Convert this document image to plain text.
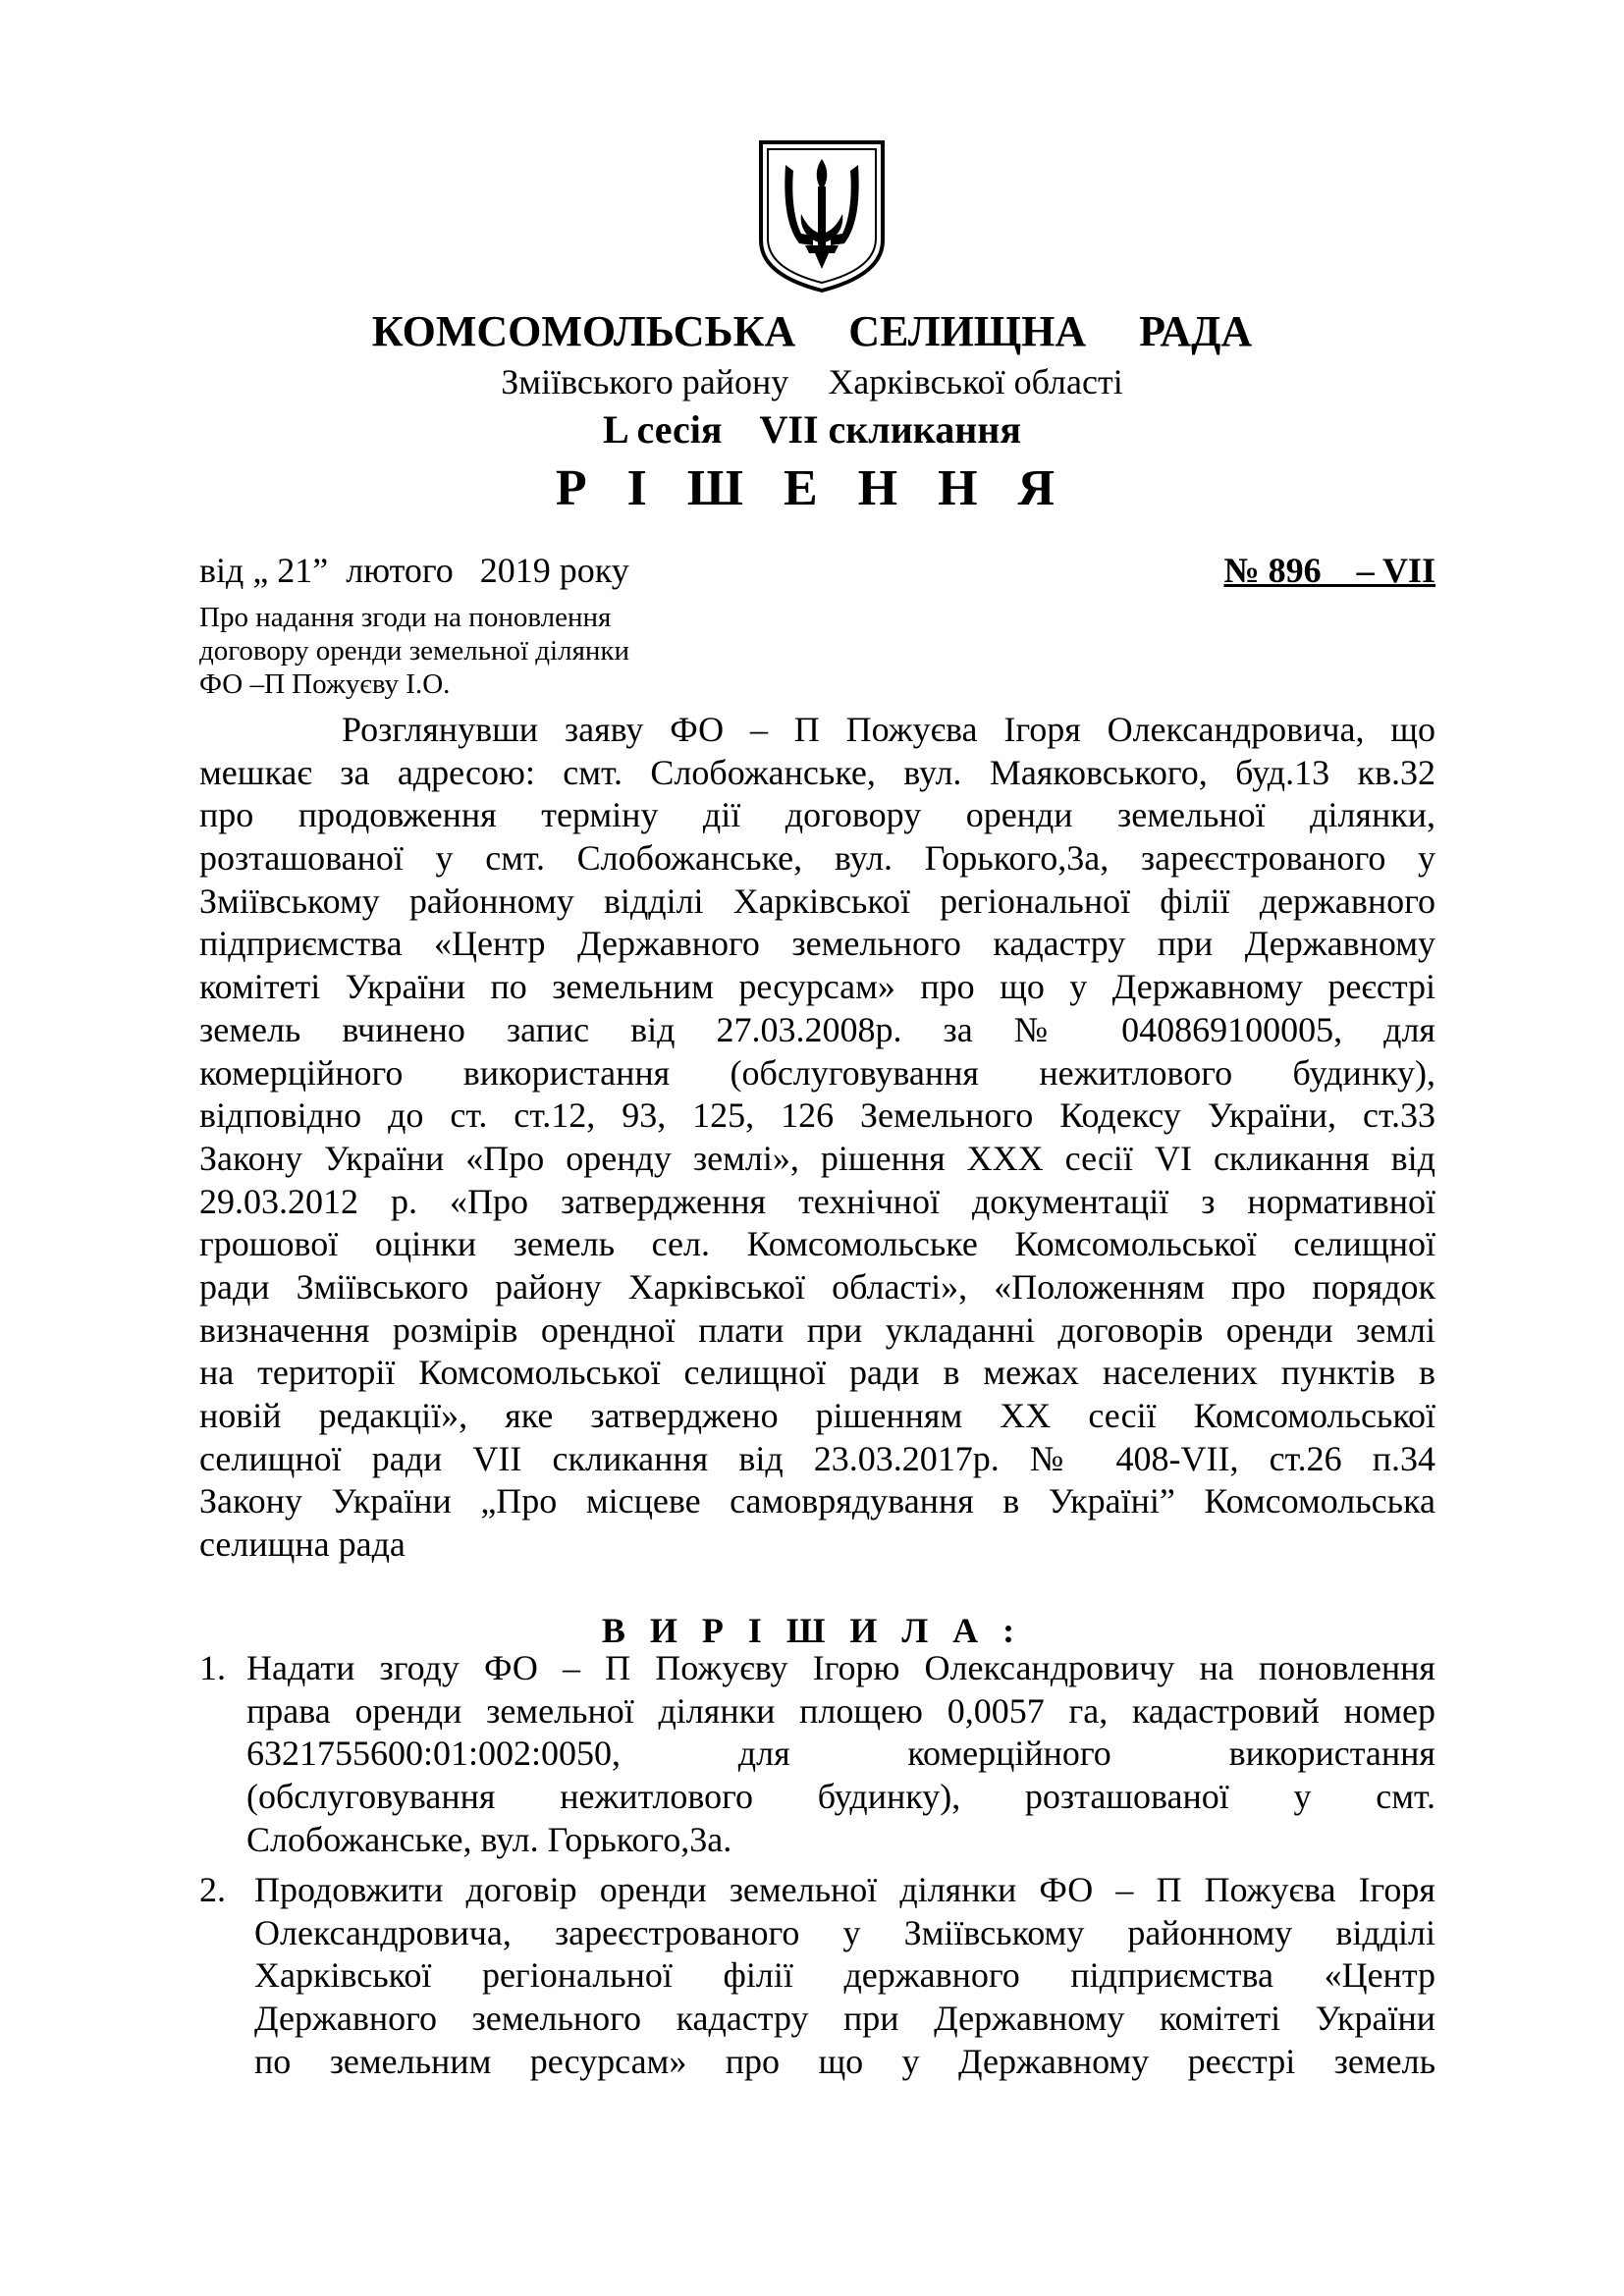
КОМСОМОЛЬСЬКА СЕЛИЩНА РАДА
Зміївського району Харківської області
L сесія VII скликання
Р І Ш Е Н Н Я
від „ 21”  лютого   2019 року	№ 896    – VII
Про надання згоди на поновлення
договору оренди земельної ділянки
ФО –П Пожуєву І.О.
Розглянувши заяву ФО – П Пожуєва Ігоря Олександровича, що
мешкає за адресою: смт. Слобожанське, вул. Маяковського, буд.13 кв.32
про продовження терміну дії договору оренди земельної ділянки,
розташованої у смт. Слобожанське, вул. Горького,3а, зареєстрованого у
Зміївському районному відділі Харківської регіональної філії державного
підприємства «Центр Державного земельного кадастру при Державному
комітеті України по земельним ресурсам» про що у Державному реєстрі
земель вчинено запис від 27.03.2008р. за № 040869100005, для
комерційного використання (обслуговування нежитлового будинку),
відповідно до ст. ст.12, 93, 125, 126 Земельного Кодексу України, ст.33
Закону України «Про оренду землі», рішення ХХХ сесії VI скликання від
29.03.2012 р. «Про затвердження технічної документації з нормативної
грошової оцінки земель сел. Комсомольське Комсомольської селищної
ради Зміївського району Харківської області», «Положенням про порядок
визначення розмірів орендної плати при укладанні договорів оренди землі
на території Комсомольської селищної ради в межах населених пунктів в
новій редакції», яке затверджено рішенням ХХ сесії Комсомольської
селищної ради VII скликання від 23.03.2017р. № 408-VII, ст.26 п.34
Закону України „Про місцеве самоврядування в Україні” Комсомольська
селищна рада
В И Р І Ш И Л А :
1. Надати згоду ФО – П Пожуєву Ігорю Олександровичу на поновлення
права оренди земельної ділянки площею 0,0057 га, кадастровий номер
6321755600:01:002:0050, для комерційного використання
(обслуговування нежитлового будинку), розташованої у смт.
Слобожанське, вул. Горького,3а.
2. Продовжити договір оренди земельної ділянки ФО – П Пожуєва Ігоря
Олександровича, зареєстрованого у Зміївському районному відділі
Харківської регіональної філії державного підприємства «Центр
Державного земельного кадастру при Державному комітеті України
по земельним ресурсам» про що у Державному реєстрі земель
